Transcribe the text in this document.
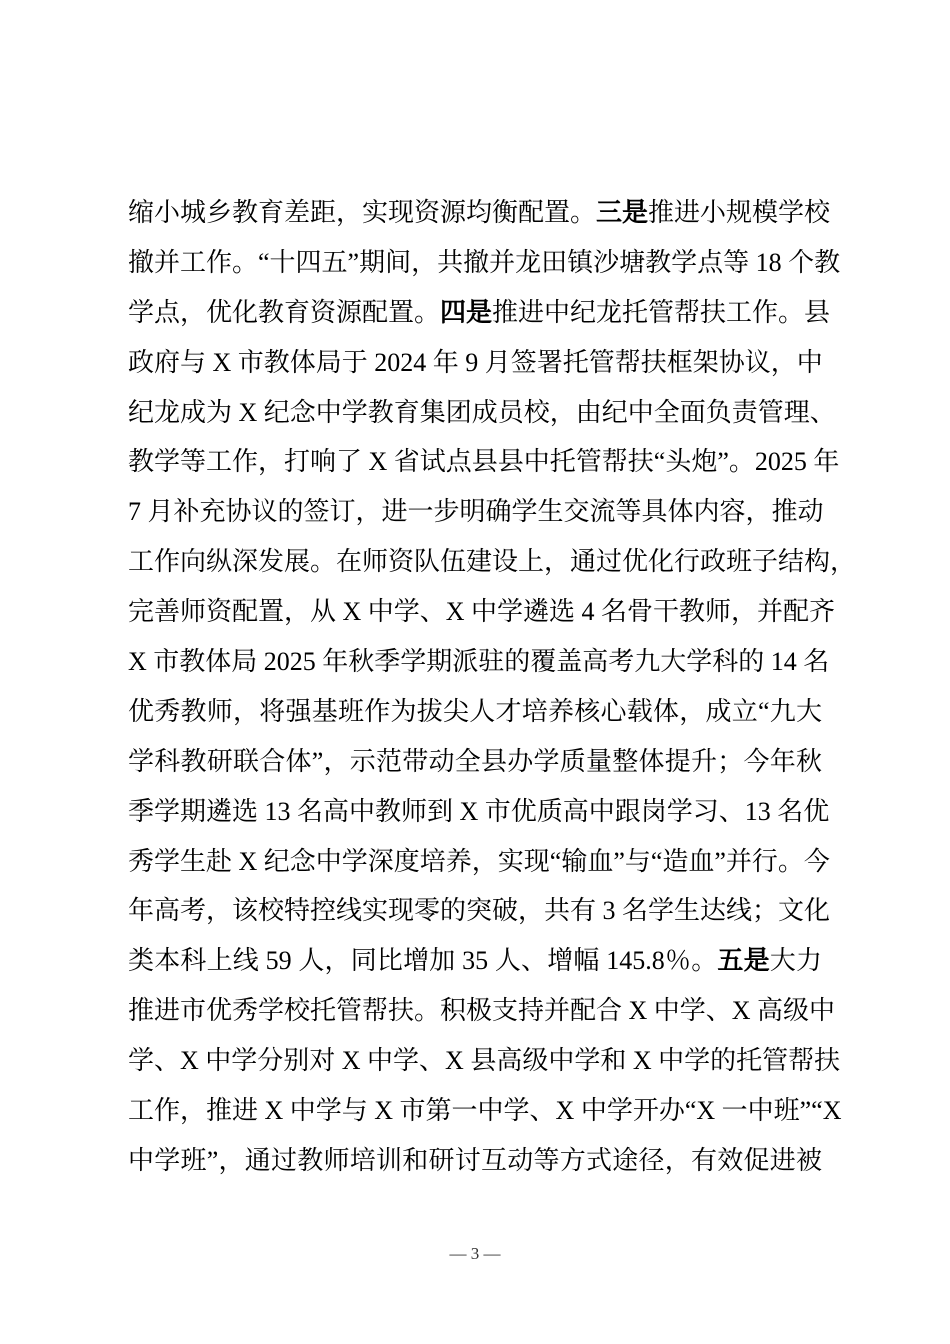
缩小城乡教育差距，实现资源均衡配置。三是推进小规模学校
撤并工作。“十四五”期间，共撤并龙田镇沙塘教学点等 18 个教
学点，优化教育资源配置。四是推进中纪龙托管帮扶工作。县
政府与 X 市教体局于 2024 年 9 月签署托管帮扶框架协议，中
纪龙成为 X 纪念中学教育集团成员校，由纪中全面负责管理、
教学等工作，打响了 X 省试点县县中托管帮扶“头炮”。2025 年
7 月补充协议的签订，进一步明确学生交流等具体内容，推动
工作向纵深发展。在师资队伍建设上，通过优化行政班子结构，
完善师资配置，从 X 中学、X 中学遴选 4 名骨干教师，并配齐
X 市教体局 2025 年秋季学期派驻的覆盖高考九大学科的 14 名
优秀教师，将强基班作为拔尖人才培养核心载体，成立“九大
学科教研联合体”，示范带动全县办学质量整体提升；今年秋
季学期遴选 13 名高中教师到 X 市优质高中跟岗学习、13 名优
秀学生赴 X 纪念中学深度培养，实现“输血”与“造血”并行。今
年高考，该校特控线实现零的突破，共有 3 名学生达线；文化
类本科上线 59 人，同比增加 35 人、增幅 145.8％。五是大力
推进市优秀学校托管帮扶。积极支持并配合 X 中学、X 高级中
学、X 中学分别对 X 中学、X 县高级中学和 X 中学的托管帮扶
工作，推进 X 中学与 X 市第一中学、X 中学开办“X 一中班”“X
中学班”，通过教师培训和研讨互动等方式途径，有效促进被
— 3 —
